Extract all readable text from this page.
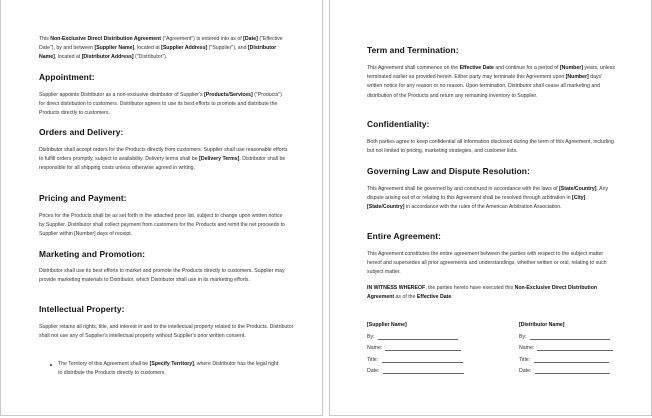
This Non-Exclusive Direct Distribution Agreement ("Agreement") is entered into as of [Date] ("Effective Date"), by and between [Supplier Name], located at [Supplier Address] ("Supplier"), and [Distributor Name], located at [Distributor Address] ("Distributor").
Appointment:
Supplier appoints Distributor as a non-exclusive distributor of Supplier's [Products/Services] ("Products") for direct distribution to customers. Distributor agrees to use its best efforts to promote and distribute the Products directly to customers.
Orders and Delivery:
Distributor shall accept orders for the Products directly from customers. Supplier shall use reasonable efforts to fulfill orders promptly, subject to availability. Delivery terms shall be [Delivery Terms]. Distributor shall be responsible for all shipping costs unless otherwise agreed in writing.
Pricing and Payment:
Prices for the Products shall be as set forth in the attached price list, subject to change upon written notice by Supplier. Distributor shall collect payment from customers for the Products and remit the net proceeds to Supplier within [Number] days of receipt.
Marketing and Promotion:
Distributor shall use its best efforts to market and promote the Products directly to customers. Supplier may provide marketing materials to Distributor, which Distributor shall use in its marketing efforts.
Intellectual Property:
Supplier retains all rights, title, and interest in and to the intellectual property related to the Products. Distributor shall not use any of Supplier's intellectual property without Supplier's prior written consent.
The Territory of this Agreement shall be [Specify Territory], where Distributor has the legal right to distribute the Products directly to customers.
Term and Termination:
This Agreement shall commence on the Effective Date and continue for a period of [Number] years, unless terminated earlier as provided herein. Either party may terminate this Agreement upon [Number] days' written notice for any reason or no reason. Upon termination, Distributor shall cease all marketing and distribution of the Products and return any remaining inventory to Supplier.
Confidentiality:
Both parties agree to keep confidential all information disclosed during the term of this Agreement, including but not limited to pricing, marketing strategies, and customer lists.
Governing Law and Dispute Resolution:
This Agreement shall be governed by and construed in accordance with the laws of [State/Country]. Any dispute arising out of or relating to this Agreement shall be resolved through arbitration in [City], [State/Country] in accordance with the rules of the American Arbitration Association.
Entire Agreement:
This Agreement constitutes the entire agreement between the parties with respect to the subject matter hereof and supersedes all prior agreements and understandings, whether written or oral, relating to such subject matter.
IN WITNESS WHEREOF, the parties hereto have executed this Non-Exclusive Direct Distribution Agreement as of the Effective Date.
[Supplier Name]
By:
Name:
Title:
Date:
[Distributor Name]
By:
Name:
Title:
Date:
